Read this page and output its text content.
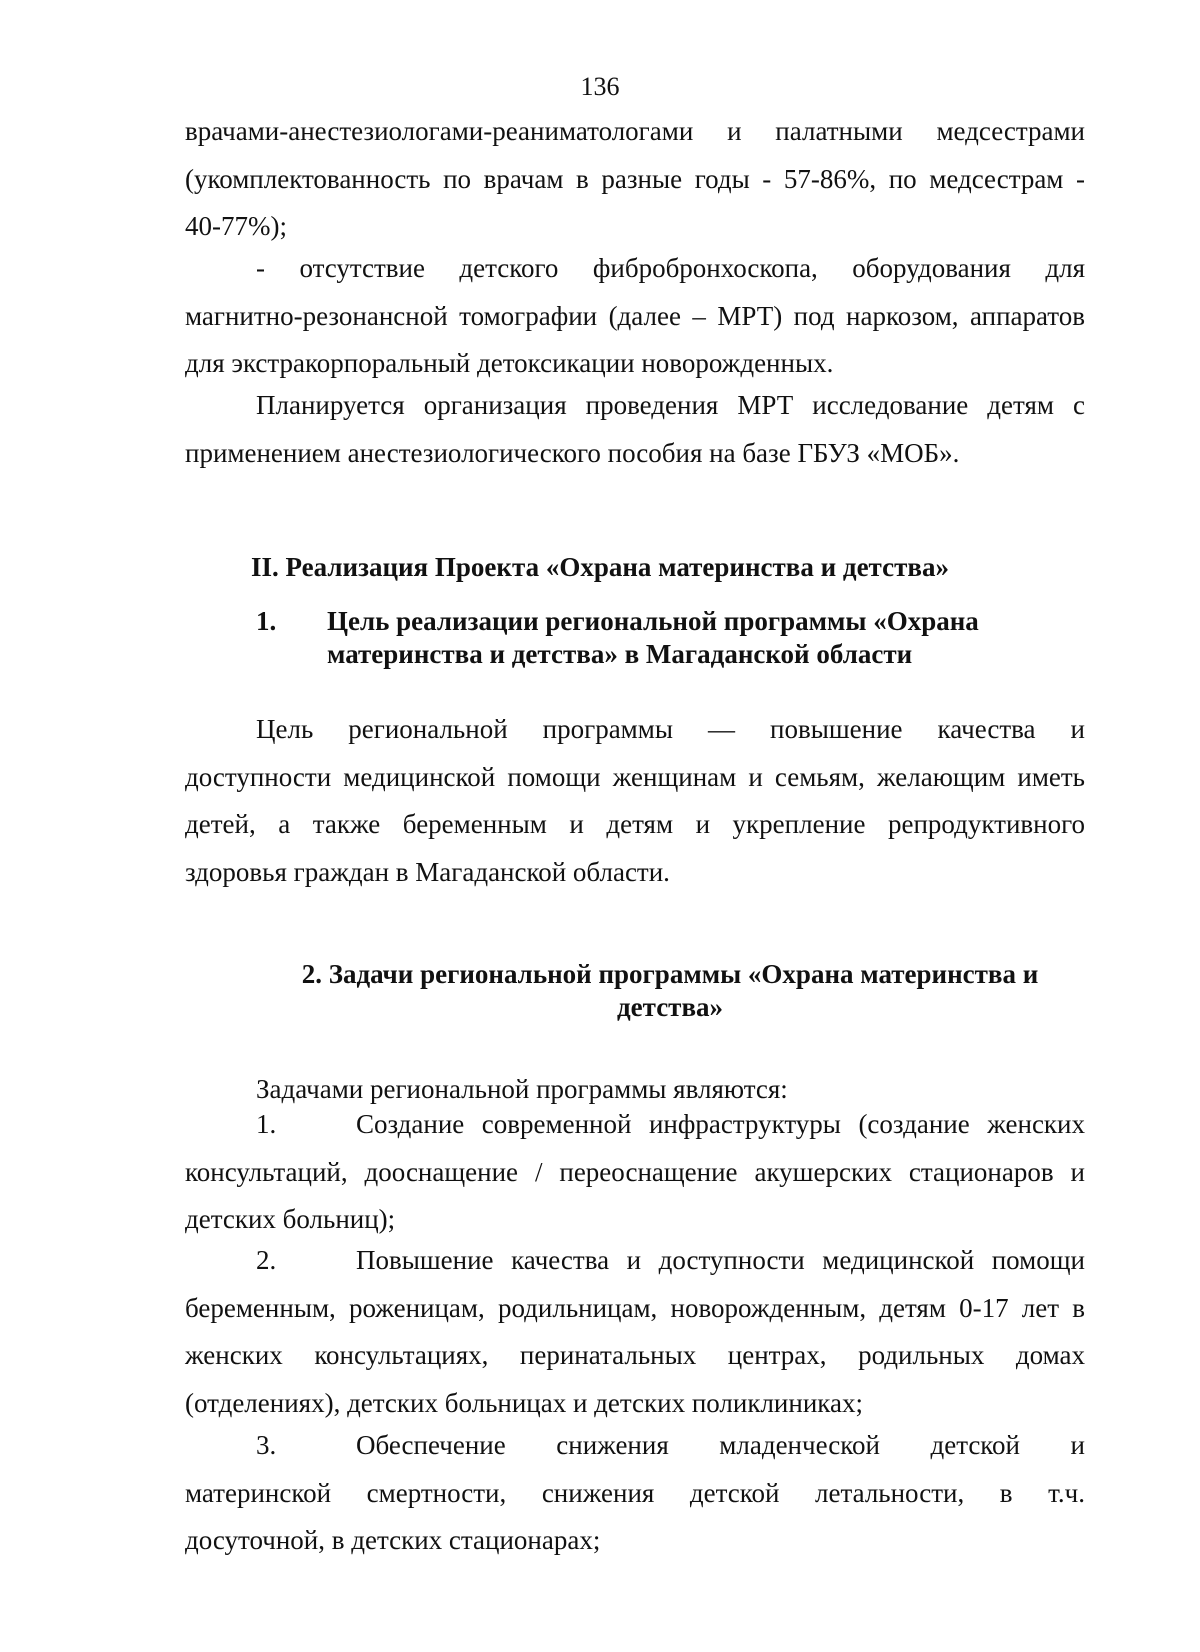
136
врачами-анестезиологами-реаниматологами и палатными медсестрами
(укомплектованность по врачам в разные годы - 57-86%, по медсестрам -
40-77%);
- отсутствие детского фибробронхоскопа, оборудования для
магнитно-резонансной томографии (далее – МРТ) под наркозом, аппаратов
для экстракорпоральный детоксикации новорожденных.
Планируется организация проведения МРТ исследование детям с
применением анестезиологического пособия на базе ГБУЗ «МОБ».
II. Реализация Проекта «Охрана материнства и детства»
1. Цель реализации региональной программы «Охрана
материнства и детства» в Магаданской области
Цель региональной программы — повышение качества и
доступности медицинской помощи женщинам и семьям, желающим иметь
детей, а также беременным и детям и укрепление репродуктивного
здоровья граждан в Магаданской области.
2. Задачи региональной программы «Охрана материнства и
детства»
Задачами региональной программы являются:
1.	Создание современной инфраструктуры (создание женских
консультаций, дооснащение / переоснащение акушерских стационаров и
детских больниц);
2.	Повышение качества и доступности медицинской помощи
беременным, роженицам, родильницам, новорожденным, детям 0-17 лет в
женских консультациях, перинатальных центрах, родильных домах
(отделениях), детских больницах и детских поликлиниках;
3.	Обеспечение снижения младенческой детской и
материнской смертности, снижения детской летальности, в т.ч.
досуточной, в детских стационарах;
